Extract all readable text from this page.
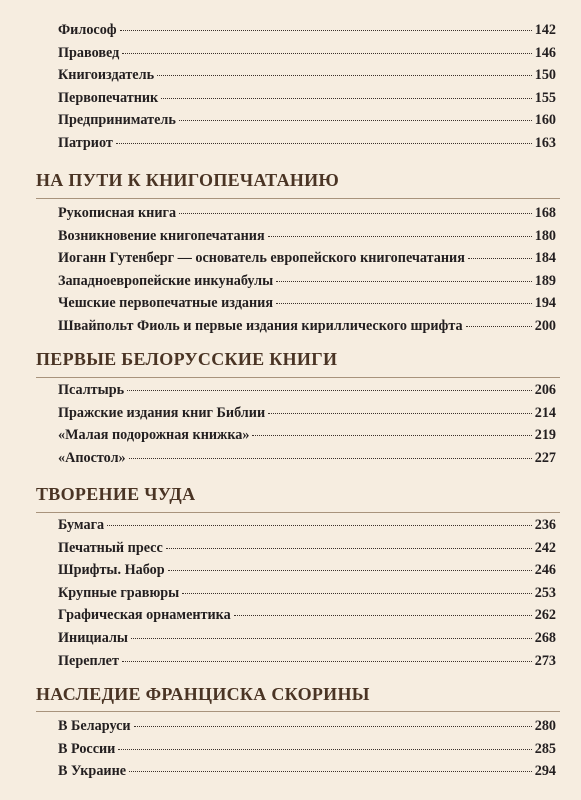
Философ	142
Правовед	146
Книгоиздатель	150
Первопечатник	155
Предприниматель	160
Патриот	163
НА ПУТИ К КНИГОПЕЧАТАНИЮ
Рукописная книга	168
Возникновение книгопечатания	180
Иоганн Гутенберг — основатель европейского книгопечатания	184
Западноевропейские инкунабулы	189
Чешские первопечатные издания	194
Швайпольт Фиоль и первые издания кириллического шрифта	200
ПЕРВЫЕ БЕЛОРУССКИЕ КНИГИ
Псалтырь	206
Пражские издания книг Библии	214
«Малая подорожная книжка»	219
«Апостол»	227
ТВОРЕНИЕ ЧУДА
Бумага	236
Печатный пресс	242
Шрифты. Набор	246
Крупные гравюры	253
Графическая орнаментика	262
Инициалы	268
Переплет	273
НАСЛЕДИЕ ФРАНЦИСКА СКОРИНЫ
В Беларуси	280
В России	285
В Украине	294
